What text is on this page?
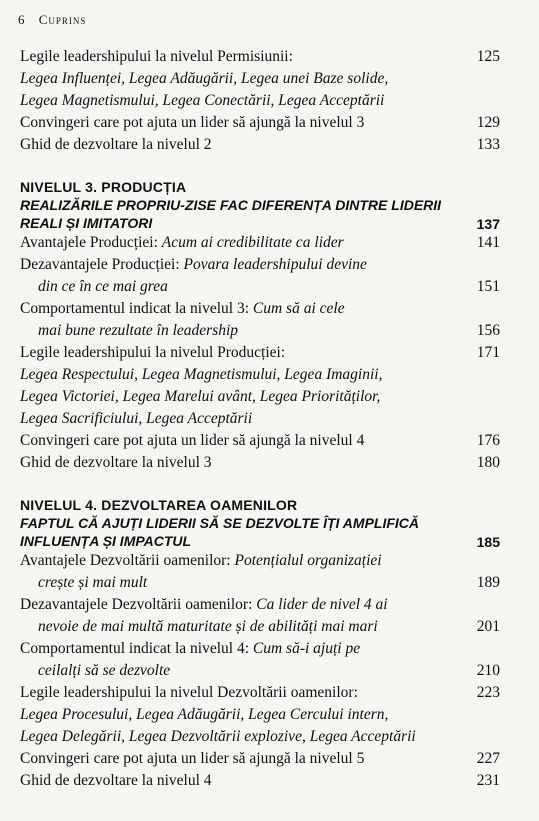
6 Cuprins
Legile leadershipului la nivelul Permisiunii:	125
Legea Influenței, Legea Adăugării, Legea unei Baze solide,
Legea Magnetismului, Legea Conectării, Legea Acceptării
Convingeri care pot ajuta un lider să ajungă la nivelul 3	129
Ghid de dezvoltare la nivelul 2	133
NIVELUL 3. PRODUCȚIA
REALIZĂRILE PROPRIU-ZISE FAC DIFERENȚA DINTRE LIDERII
REALI ȘI IMITATORI	137
Avantajele Producției: Acum ai credibilitate ca lider	141
Dezavantajele Producției: Povara leadershipului devine
din ce în ce mai grea	151
Comportamentul indicat la nivelul 3: Cum să ai cele
mai bune rezultate în leadership	156
Legile leadershipului la nivelul Producției:	171
Legea Respectului, Legea Magnetismului, Legea Imaginii,
Legea Victoriei, Legea Marelui avânt, Legea Priorităților,
Legea Sacrificiului, Legea Acceptării
Convingeri care pot ajuta un lider să ajungă la nivelul 4	176
Ghid de dezvoltare la nivelul 3	180
NIVELUL 4. DEZVOLTAREA OAMENILOR
FAPTUL CĂ AJUȚI LIDERII SĂ SE DEZVOLTE ÎȚI AMPLIFICĂ
INFLUENȚA ȘI IMPACTUL	185
Avantajele Dezvoltării oamenilor: Potențialul organizației
crește și mai mult	189
Dezavantajele Dezvoltării oamenilor: Ca lider de nivel 4 ai
nevoie de mai multă maturitate și de abilități mai mari	201
Comportamentul indicat la nivelul 4: Cum să-i ajuți pe
ceilalți să se dezvolte	210
Legile leadershipului la nivelul Dezvoltării oamenilor:	223
Legea Procesului, Legea Adăugării, Legea Cercului intern,
Legea Delegării, Legea Dezvoltării explozive, Legea Acceptării
Convingeri care pot ajuta un lider să ajungă la nivelul 5	227
Ghid de dezvoltare la nivelul 4	231
